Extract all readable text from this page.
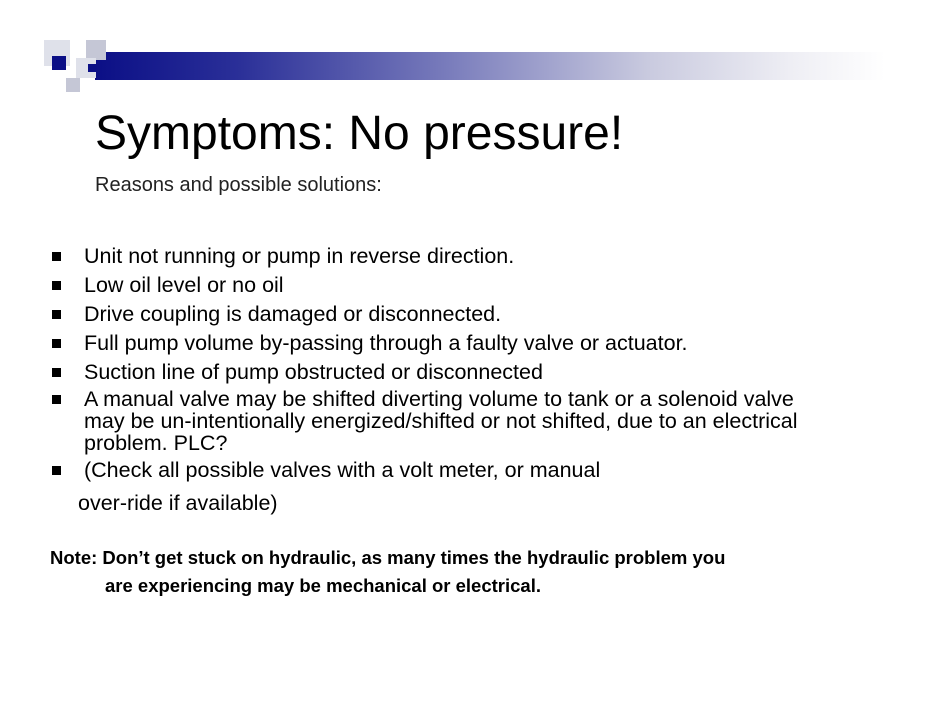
Symptoms: No pressure!
Reasons and possible solutions:
Unit not running or pump in reverse direction.
Low oil level or no oil
Drive coupling is damaged or disconnected.
Full pump volume by-passing through a faulty valve or actuator.
Suction line of pump obstructed or disconnected
A manual valve may be shifted diverting volume to tank or a solenoid valve
may be un-intentionally energized/shifted or not shifted, due to an electrical
problem. PLC?
(Check all possible valves with a volt meter, or manual
over-ride if available)
Note: Don’t get stuck on hydraulic, as many times the hydraulic problem you
are experiencing may be mechanical or electrical.
